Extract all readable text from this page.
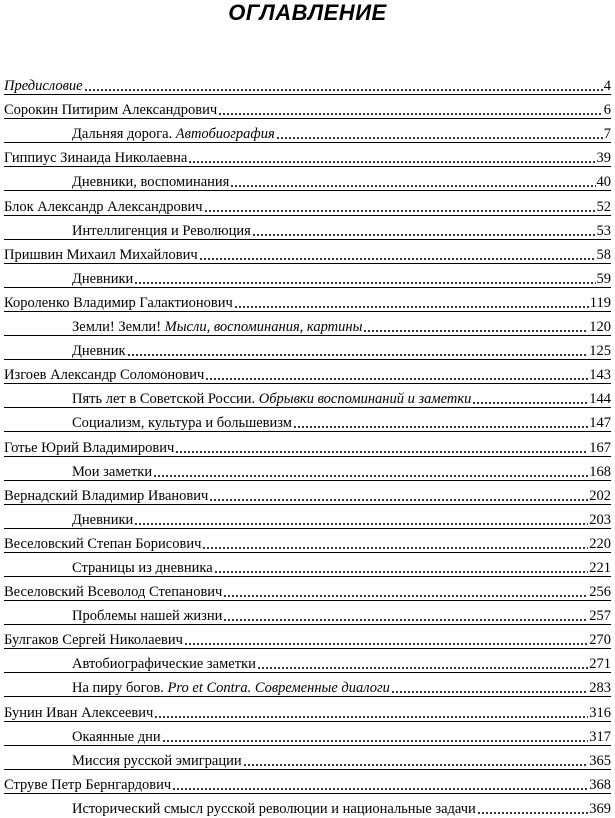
ОГЛАВЛЕНИЕ
Предисловие	4
Сорокин Питирим Александрович	6
Дальняя дорога. Автобиография	7
Гиппиус Зинаида Николаевна	39
Дневники, воспоминания	40
Блок Александр Александрович	52
Интеллигенция и Революция	53
Пришвин Михаил Михайлович	58
Дневники	59
Короленко Владимир Галактионович	119
Земли! Земли! Мысли, воспоминания, картины	120
Дневник	125
Изгоев Александр Соломонович	143
Пять лет в Советской России. Обрывки воспоминаний и заметки	144
Социализм, культура и большевизм	147
Готье Юрий Владимирович	167
Мои заметки	168
Вернадский Владимир Иванович	202
Дневники	203
Веселовский Степан Борисович	220
Страницы из дневника	221
Веселовский Всеволод Степанович	256
Проблемы нашей жизни	257
Булгаков Сергей Николаевич	270
Автобиографические заметки	271
На пиру богов. Pro et Contra. Современные диалоги	283
Бунин Иван Алексеевич	316
Окаянные дни	317
Миссия русской эмиграции	365
Струве Петр Бернгардович	368
Исторический смысл русской революции и национальные задачи	369
